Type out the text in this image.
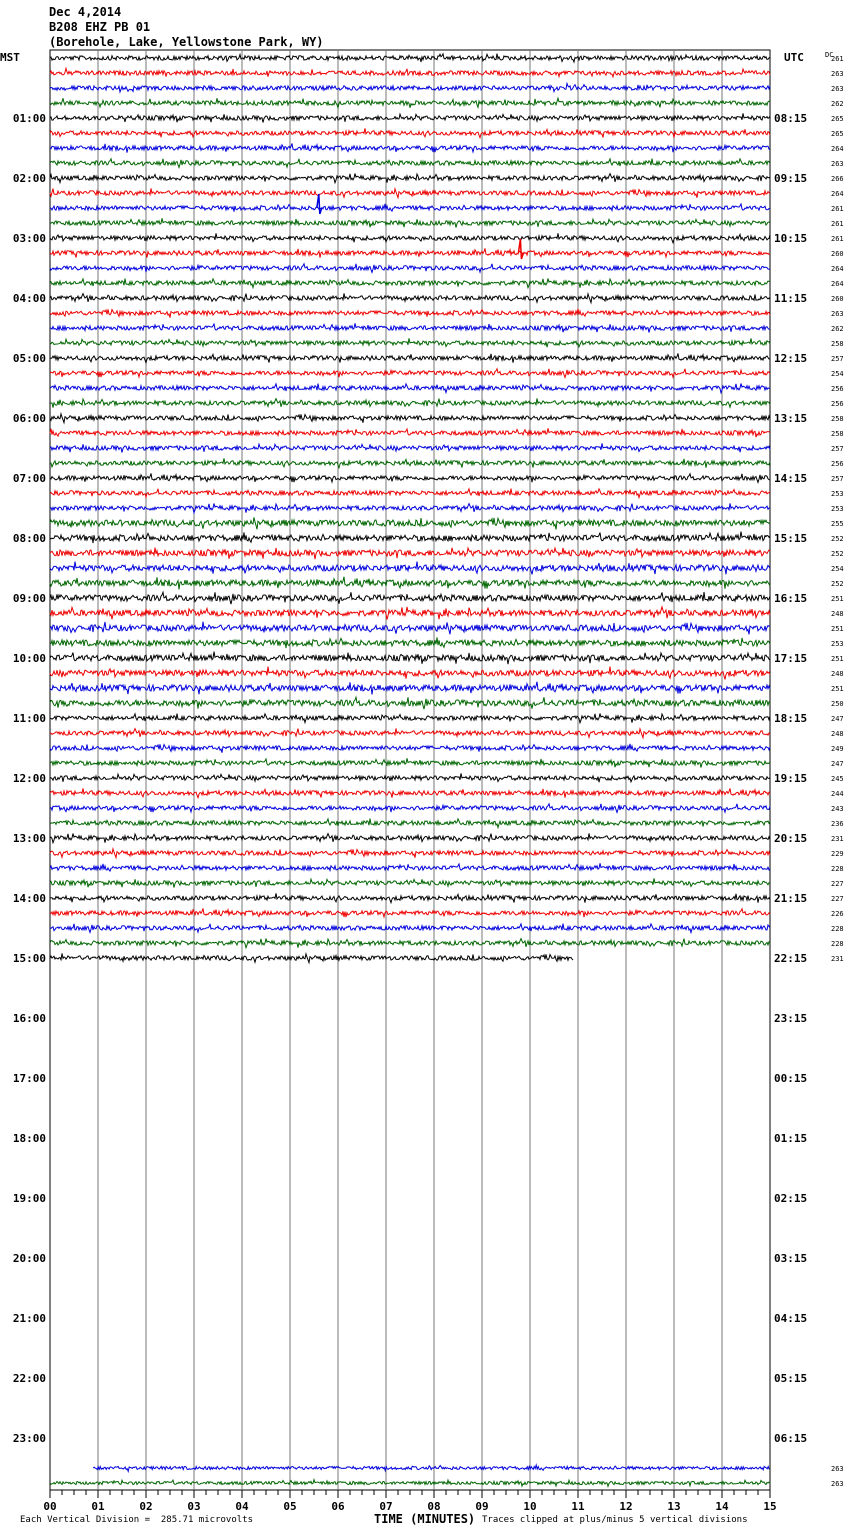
Dec 4,2014
B208 EHZ PB 01
(Borehole, Lake, Yellowstone Park, WY)
261
263
263
262
265
265
264
263
266
264
261
261
261
260
264
264
260
263
262
258
257
254
256
256
258
258
257
256
257
253
253
255
252
252
254
252
251
248
251
253
251
248
251
250
247
248
249
247
245
244
243
236
231
229
228
227
227
226
228
228
231
263
263
01:00
02:00
03:00
04:00
05:00
06:00
07:00
08:00
09:00
10:00
11:00
12:00
13:00
14:00
15:00
16:00
17:00
18:00
19:00
20:00
21:00
22:00
23:00
08:15
09:15
10:15
11:15
12:15
13:15
14:15
15:15
16:15
17:15
18:15
19:15
20:15
21:15
22:15
23:15
00:15
01:15
02:15
03:15
04:15
05:15
06:15
MST	UTC	DC
00	01	02	03	04	05	06	07	08	09	10	11	12	13	14	15
TIME (MINUTES)
Each Vertical Division =  285.71 microvolts	Traces clipped at plus/minus 5 vertical divisions
